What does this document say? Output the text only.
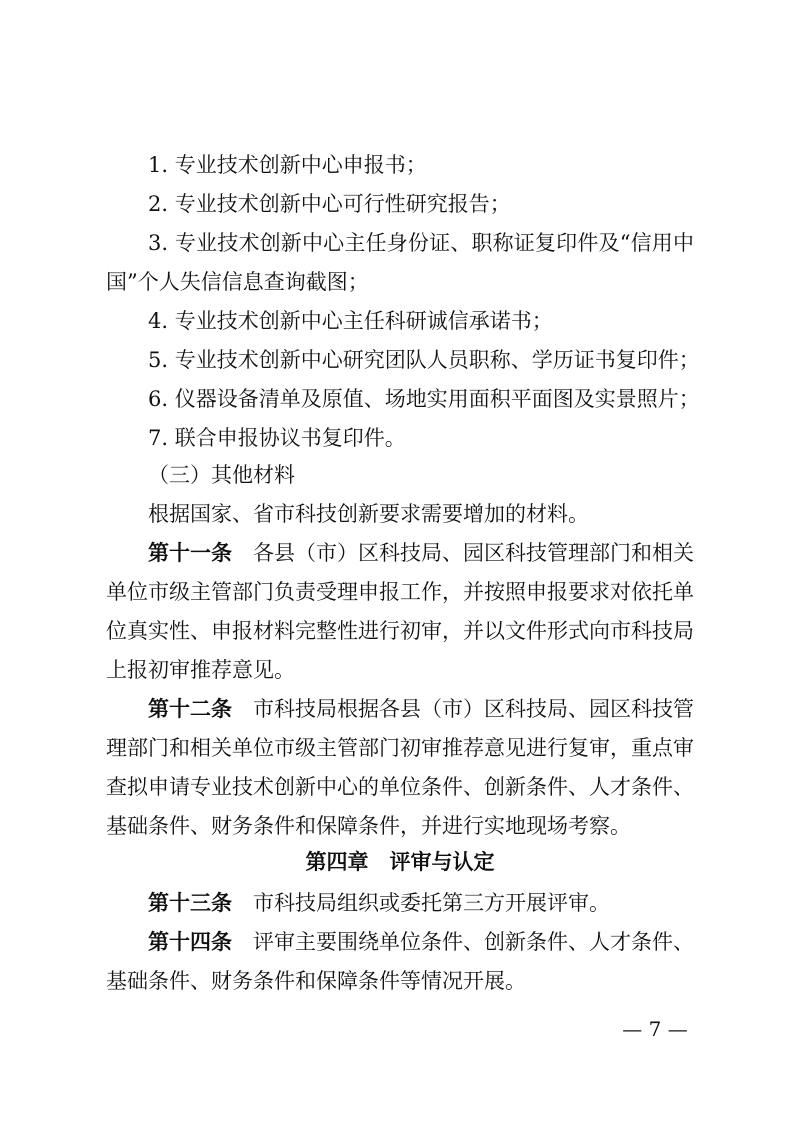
1. 专业技术创新中心申报书；

2. 专业技术创新中心可行性研究报告；

3. 专业技术创新中心主任身份证、职称证复印件及“信用中

国”个人失信信息查询截图；

4. 专业技术创新中心主任科研诚信承诺书；

5. 专业技术创新中心研究团队人员职称、学历证书复印件；

6. 仪器设备清单及原值、场地实用面积平面图及实景照片；

7. 联合申报协议书复印件。

（三）其他材料

根据国家、省市科技创新要求需要增加的材料。

第十一条　 各县（市）区科技局、园区科技管理部门和相关

单位市级主管部门负责受理申报工作，并按照申报要求对依托单

位真实性、申报材料完整性进行初审，并以文件形式向市科技局

上报初审推荐意见。

第十二条　 市科技局根据各县（市）区科技局、园区科技管

理部门和相关单位市级主管部门初审推荐意见进行复审，重点审

查拟申请专业技术创新中心的单位条件、创新条件、人才条件、

基础条件、财务条件和保障条件，并进行实地现场考察。

第四章　评审与认定

第十三条　 市科技局组织或委托第三方开展评审。

第十四条　 评审主要围绕单位条件、创新条件、人才条件、

基础条件、财务条件和保障条件等情况开展。

— 7 —
